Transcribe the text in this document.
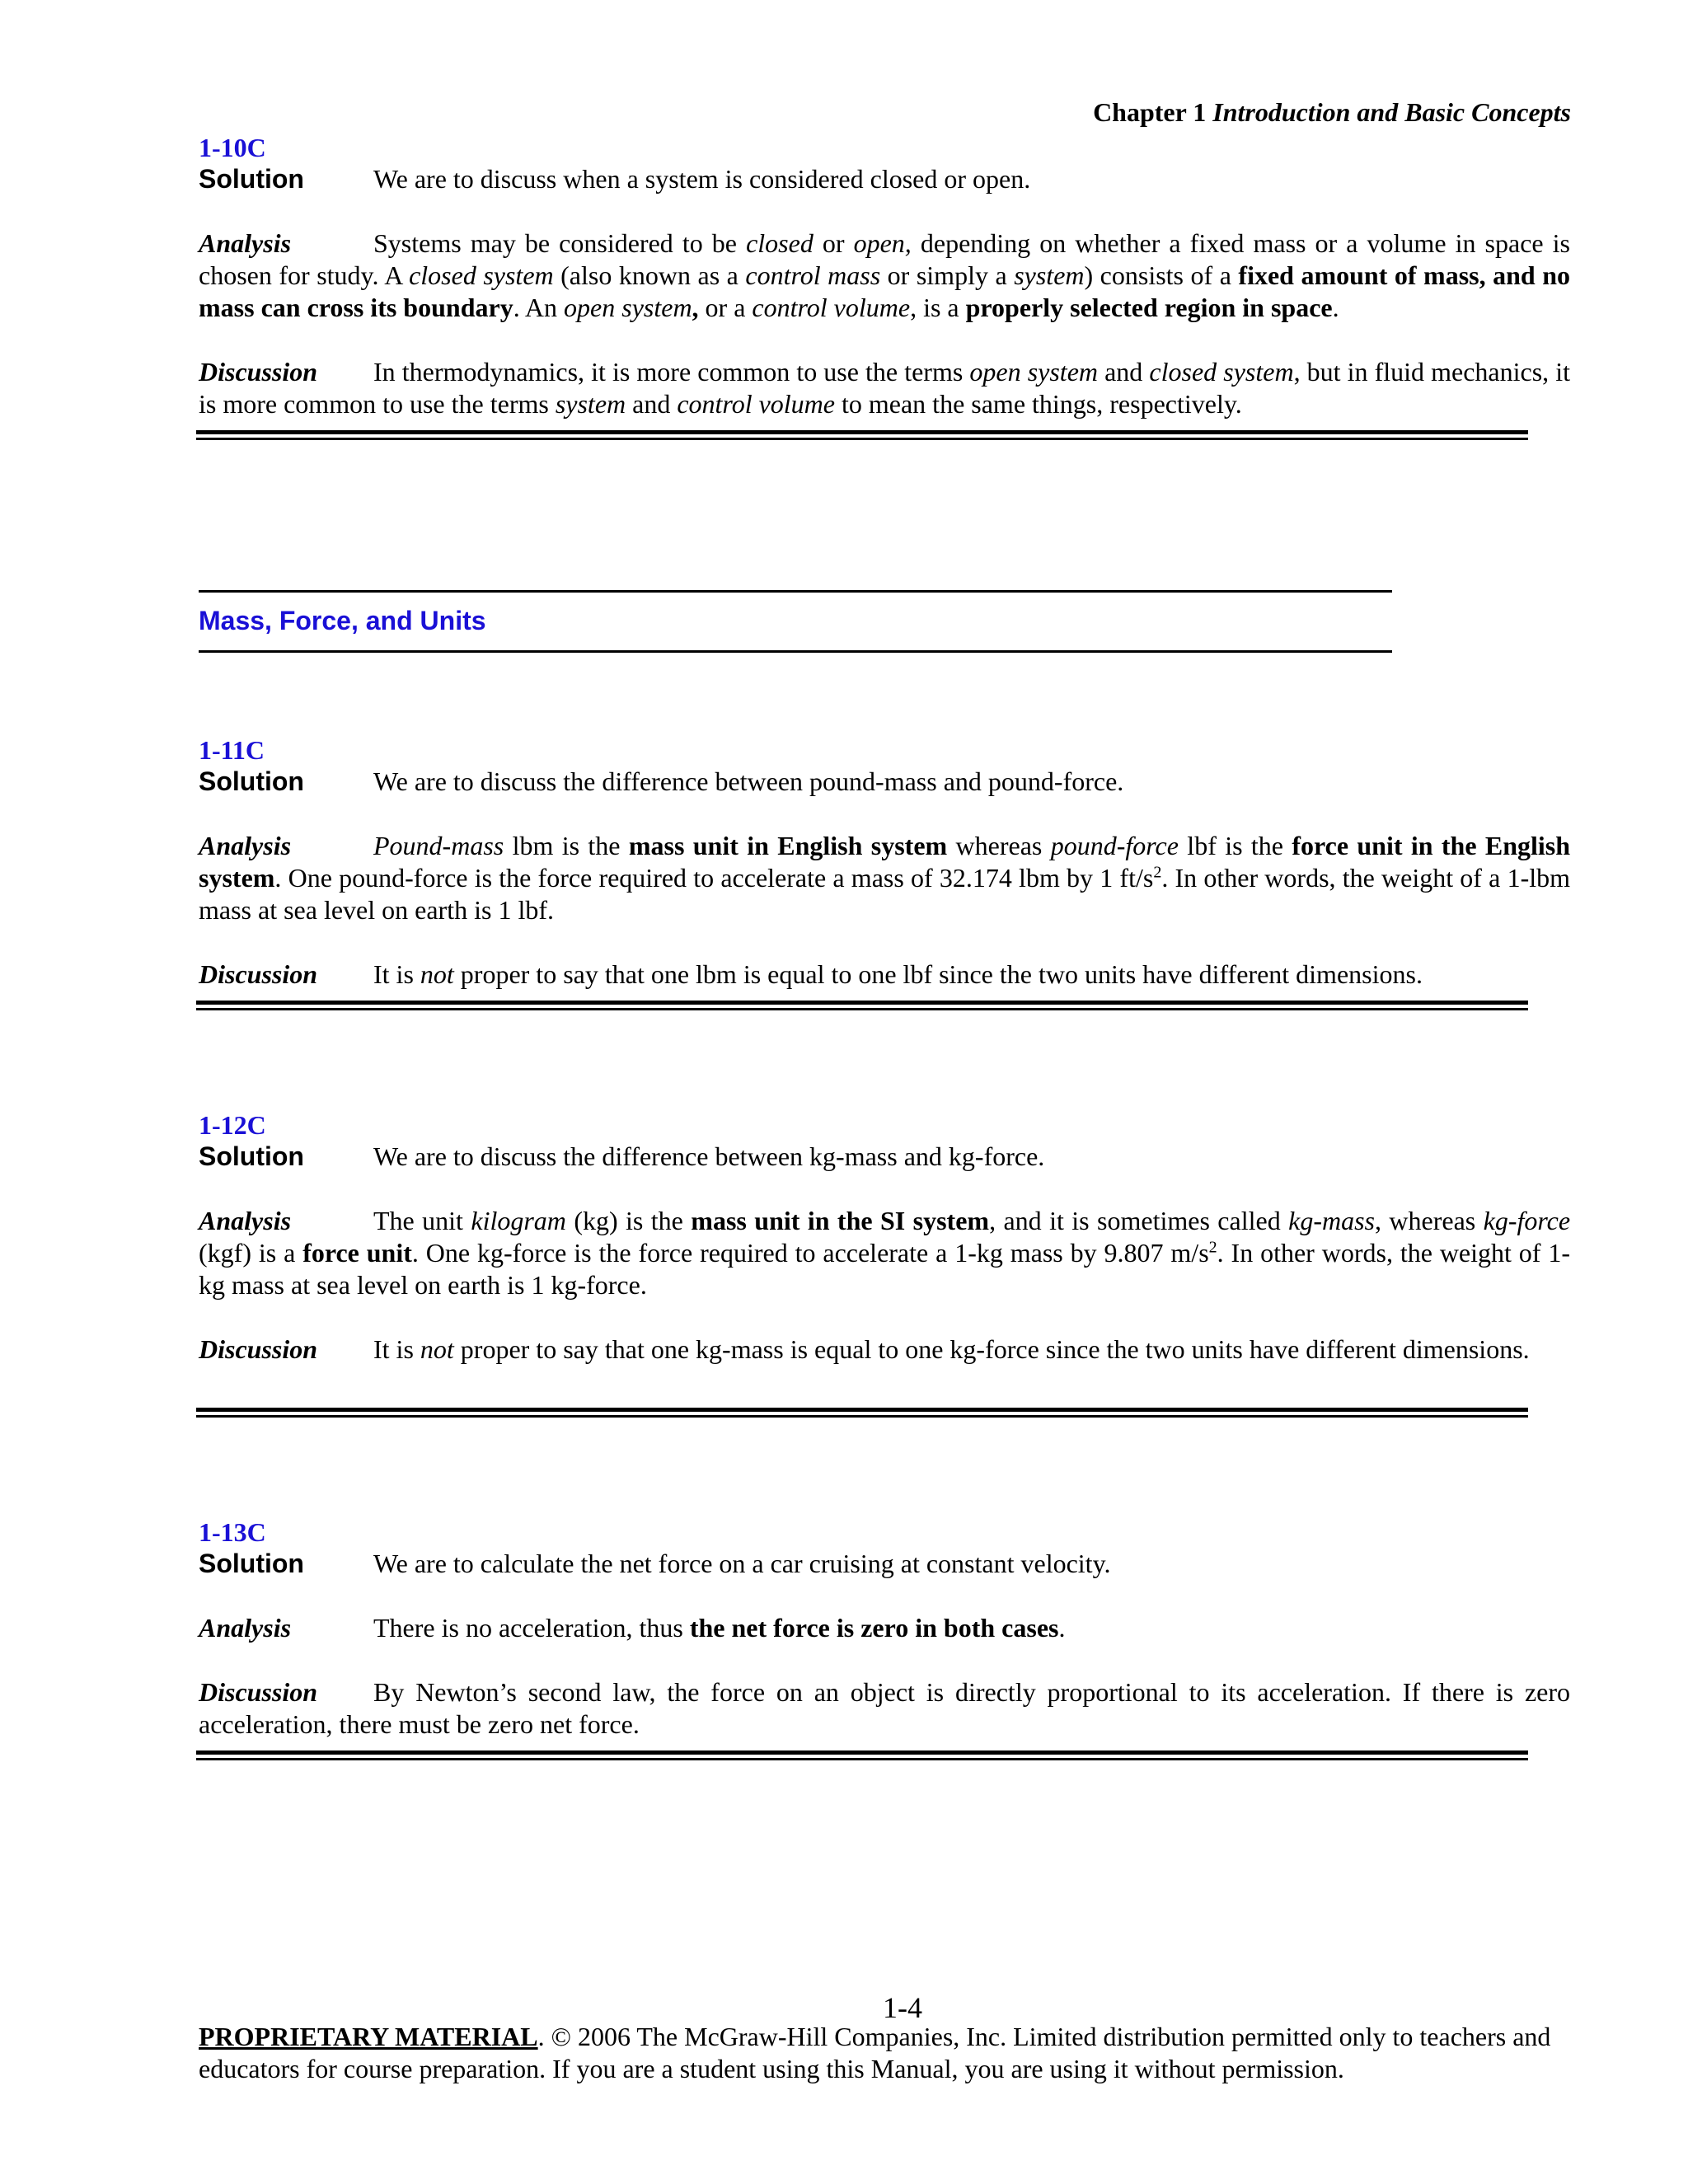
Chapter 1 Introduction and Basic Concepts
1-10C
Solution	We are to discuss when a system is considered closed or open.
Analysis	Systems may be considered to be closed or open, depending on whether a fixed mass or a volume in space is chosen for study. A closed system (also known as a control mass or simply a system) consists of a fixed amount of mass, and no mass can cross its boundary. An open system, or a control volume, is a properly selected region in space.
Discussion In thermodynamics, it is more common to use the terms open system and closed system, but in fluid mechanics, it is more common to use the terms system and control volume to mean the same things, respectively.
Mass, Force, and Units
1-11C
Solution	We are to discuss the difference between pound-mass and pound-force.
Analysis	Pound-mass lbm is the mass unit in English system whereas pound-force lbf is the force unit in the English system. One pound-force is the force required to accelerate a mass of 32.174 lbm by 1 $ft/s^2$. In other words, the weight of a 1-lbm mass at sea level on earth is 1 lbf.
Discussion It is not proper to say that one lbm is equal to one lbf since the two units have different dimensions.
1-12C
Solution	We are to discuss the difference between kg-mass and kg-force.
Analysis	The unit kilogram (kg) is the mass unit in the SI system, and it is sometimes called kg-mass, whereas kg-force (kgf) is a force unit. One kg-force is the force required to accelerate a 1-kg mass by 9.807 $m/s^2$. In other words, the weight of 1-kg mass at sea level on earth is 1 kg-force.
Discussion It is not proper to say that one kg-mass is equal to one kg-force since the two units have different dimensions.
1-13C
Solution	We are to calculate the net force on a car cruising at constant velocity.
Analysis	There is no acceleration, thus the net force is zero in both cases.
Discussion By Newton’s second law, the force on an object is directly proportional to its acceleration. If there is zero acceleration, there must be zero net force.
1-4
PROPRIETARY MATERIAL. © 2006 The McGraw-Hill Companies, Inc. Limited distribution permitted only to teachers and educators for course preparation. If you are a student using this Manual, you are using it without permission.
